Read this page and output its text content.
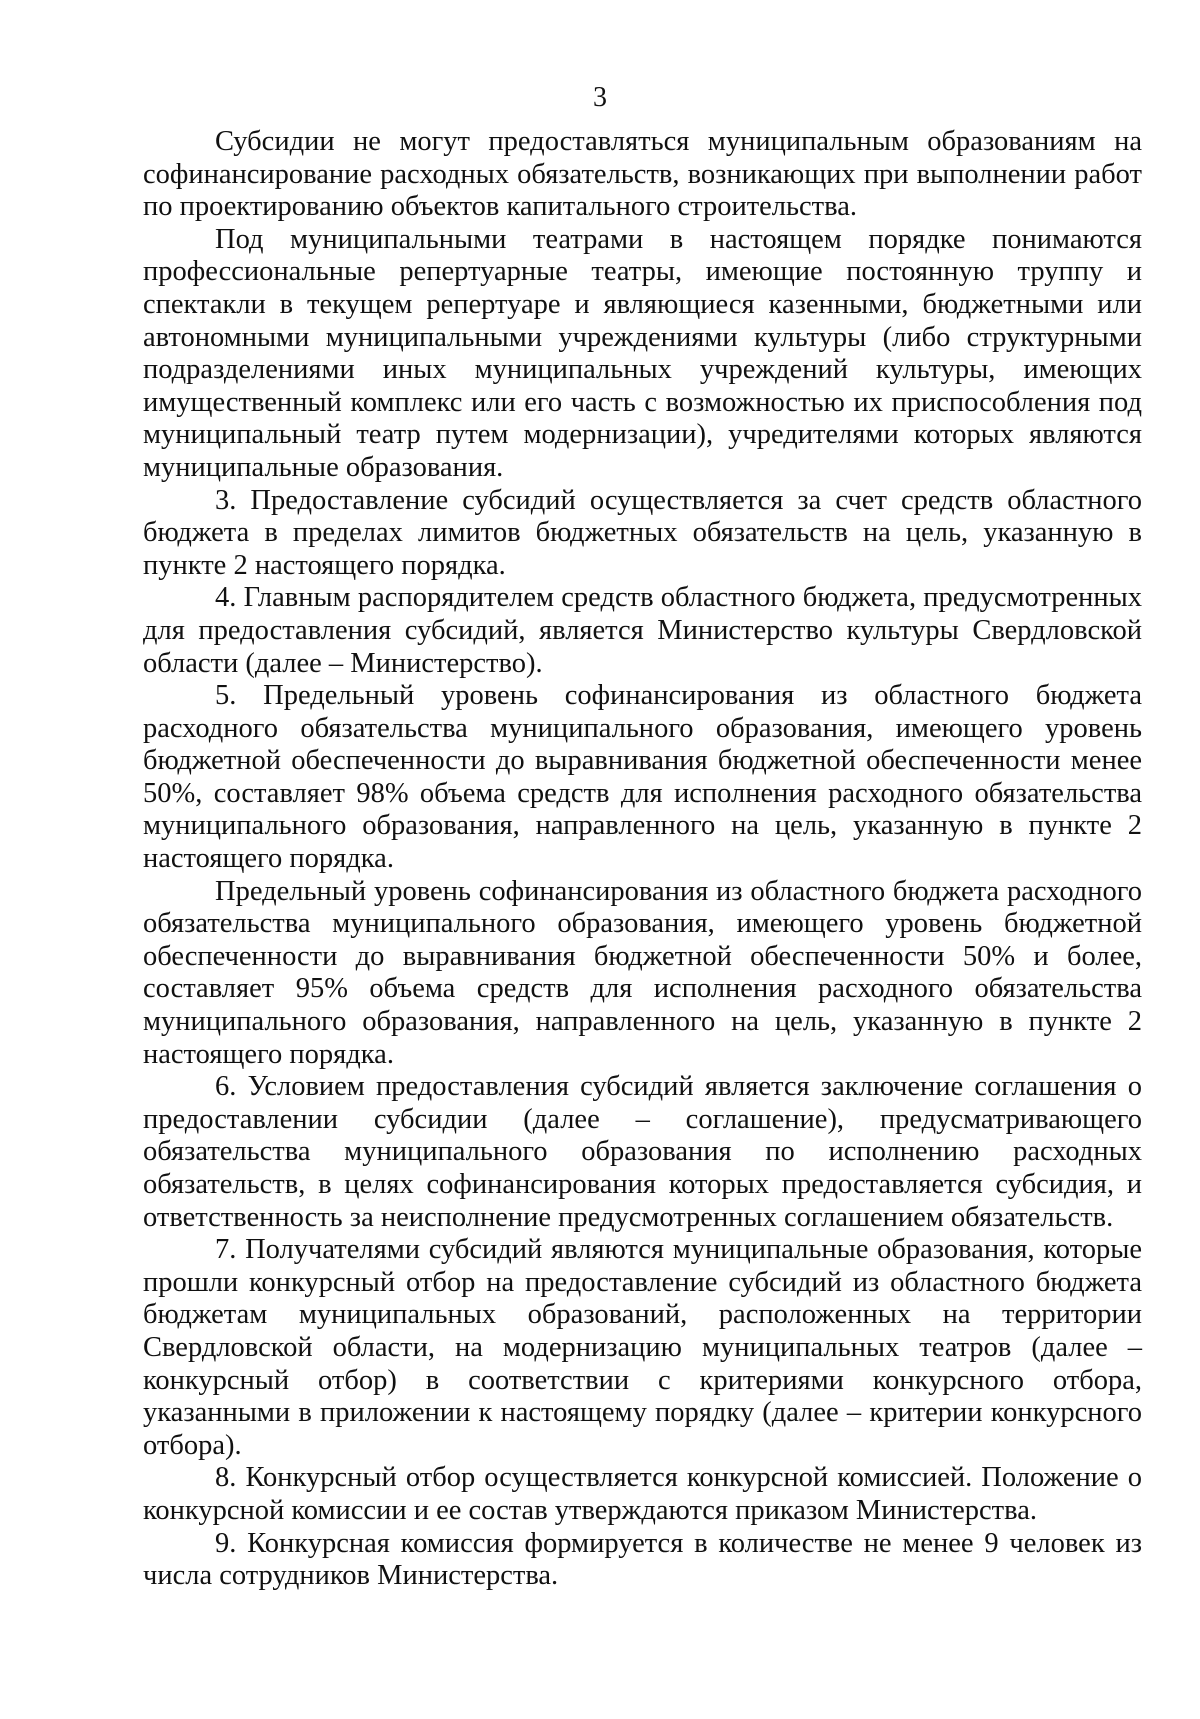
3

Субсидии не могут предоставляться муниципальным образованиям на софинансирование расходных обязательств, возникающих при выполнении работ по проектированию объектов капитального строительства.

Под муниципальными театрами в настоящем порядке понимаются профессиональные репертуарные театры, имеющие постоянную труппу и спектакли в текущем репертуаре и являющиеся казенными, бюджетными или автономными муниципальными учреждениями культуры (либо структурными подразделениями иных муниципальных учреждений культуры, имеющих имущественный комплекс или его часть с возможностью их приспособления под муниципальный театр путем модернизации), учредителями которых являются муниципальные образования.

3. Предоставление субсидий осуществляется за счет средств областного бюджета в пределах лимитов бюджетных обязательств на цель, указанную в пункте 2 настоящего порядка.

4. Главным распорядителем средств областного бюджета, предусмотренных для предоставления субсидий, является Министерство культуры Свердловской области (далее – Министерство).

5. Предельный уровень софинансирования из областного бюджета расходного обязательства муниципального образования, имеющего уровень бюджетной обеспеченности до выравнивания бюджетной обеспеченности менее 50%, составляет 98% объема средств для исполнения расходного обязательства муниципального образования, направленного на цель, указанную в пункте 2 настоящего порядка.

Предельный уровень софинансирования из областного бюджета расходного обязательства муниципального образования, имеющего уровень бюджетной обеспеченности до выравнивания бюджетной обеспеченности 50% и более, составляет 95% объема средств для исполнения расходного обязательства муниципального образования, направленного на цель, указанную в пункте 2 настоящего порядка.

6. Условием предоставления субсидий является заключение соглашения о предоставлении субсидии (далее – соглашение), предусматривающего обязательства муниципального образования по исполнению расходных обязательств, в целях софинансирования которых предоставляется субсидия, и ответственность за неисполнение предусмотренных соглашением обязательств.

7. Получателями субсидий являются муниципальные образования, которые прошли конкурсный отбор на предоставление субсидий из областного бюджета бюджетам муниципальных образований, расположенных на территории Свердловской области, на модернизацию муниципальных театров (далее – конкурсный отбор) в соответствии с критериями конкурсного отбора, указанными в приложении к настоящему порядку (далее – критерии конкурсного отбора).

8. Конкурсный отбор осуществляется конкурсной комиссией. Положение о конкурсной комиссии и ее состав утверждаются приказом Министерства.

9. Конкурсная комиссия формируется в количестве не менее 9 человек из числа сотрудников Министерства.
